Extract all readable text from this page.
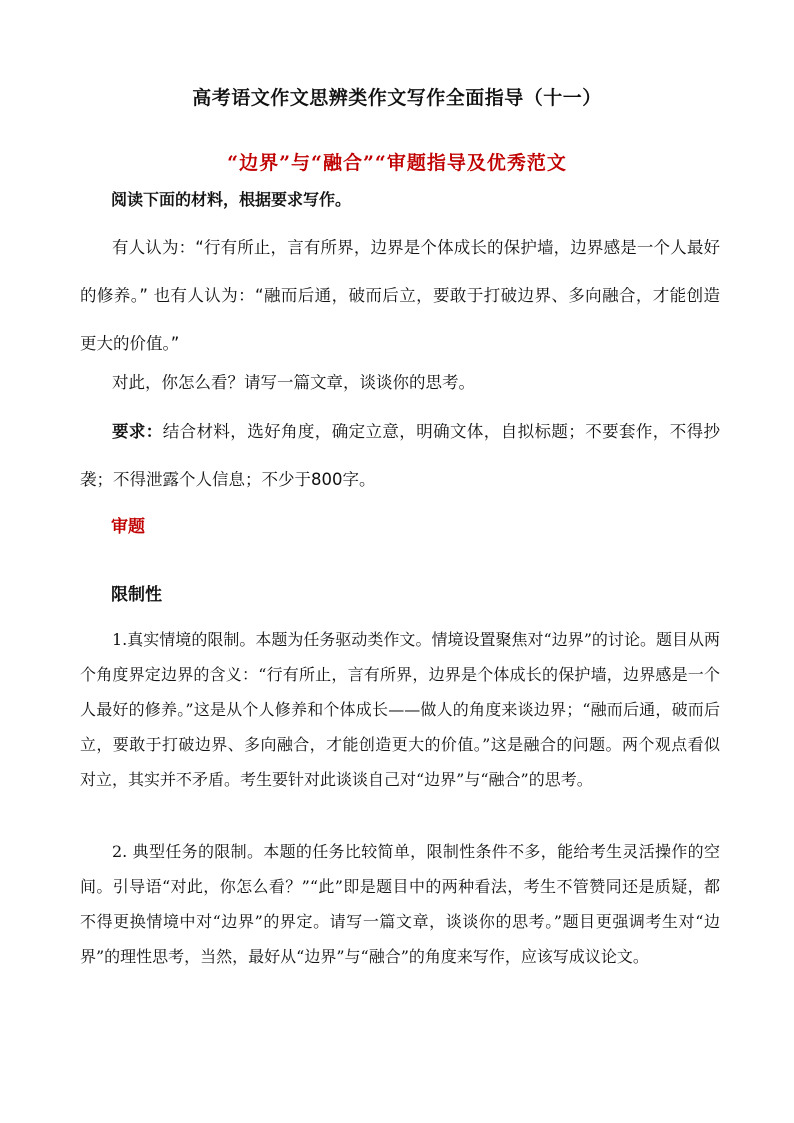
高考语文作文思辨类作文写作全面指导（十一）
“边界”与“融合”“审题指导及优秀范文
阅读下面的材料，根据要求写作。

有人认为：“行有所止，言有所界，边界是个体成长的保护墙，边界感是一个人最好的修养。” 也有人认为：“融而后通，破而后立，要敢于打破边界、多向融合，才能创造更大的价值。”

对此，你怎么看？请写一篇文章，谈谈你的思考。

要求：结合材料，选好角度，确定立意，明确文体，自拟标题；不要套作，不得抄袭；不得泄露个人信息；不少于800字。

审题
限制性

1.真实情境的限制。本题为任务驱动类作文。情境设置聚焦对“边界”的讨论。题目从两个角度界定边界的含义：“行有所止，言有所界，边界是个体成长的保护墙，边界感是一个人最好的修养。”这是从个人修养和个体成长——做人的角度来谈边界；“融而后通，破而后立，要敢于打破边界、多向融合，才能创造更大的价值。”这是融合的问题。两个观点看似对立，其实并不矛盾。考生要针对此谈谈自己对“边界”与“融合”的思考。

2. 典型任务的限制。本题的任务比较简单，限制性条件不多，能给考生灵活操作的空间。引导语“对此，你怎么看？”“此”即是题目中的两种看法，考生不管赞同还是质疑，都不得更换情境中对“边界”的界定。请写一篇文章，谈谈你的思考。”题目更强调考生对“边界”的理性思考，当然，最好从“边界”与“融合”的角度来写作，应该写成议论文。
